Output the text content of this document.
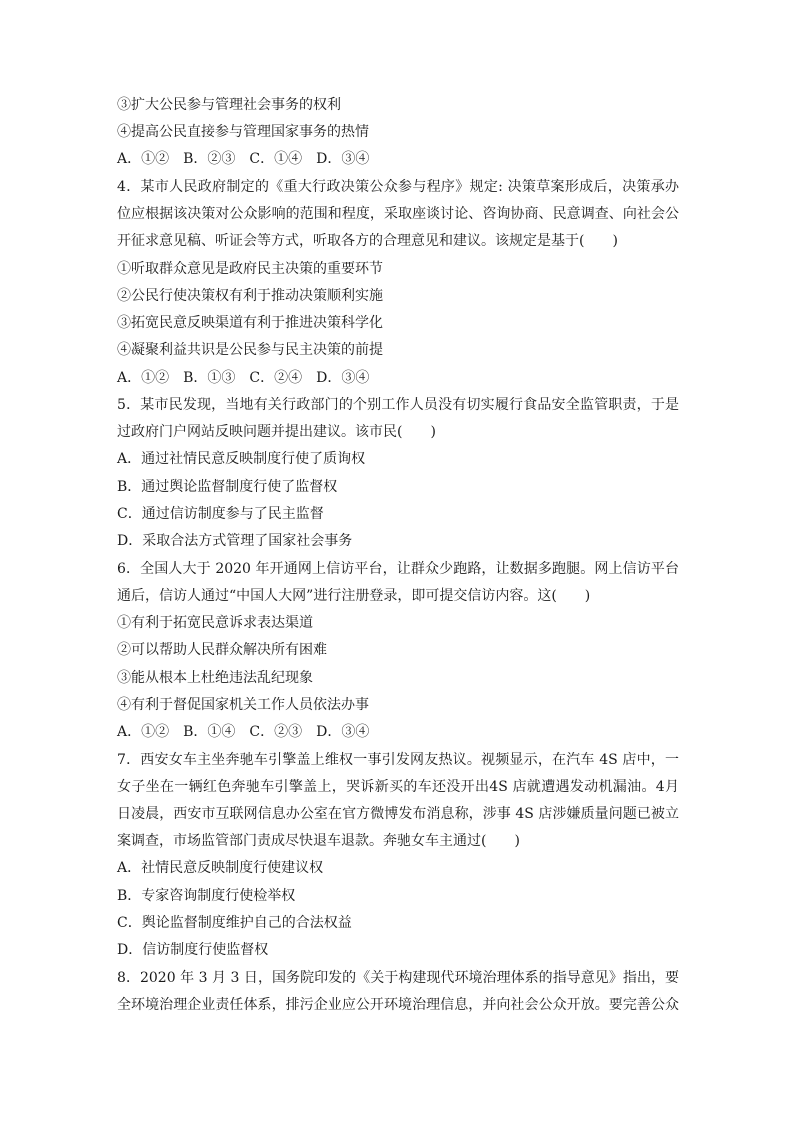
③扩大公民参与管理社会事务的权利
④提高公民直接参与管理国家事务的热情
A．①②　B．②③　C．①④　D．③④
4．某市人民政府制定的《重大行政决策公众参与程序》规定: 决策草案形成后，决策承办
位应根据该决策对公众影响的范围和程度，采取座谈讨论、咨询协商、民意调查、向社会公
开征求意见稿、听证会等方式，听取各方的合理意见和建议。该规定是基于(　　)
①听取群众意见是政府民主决策的重要环节
②公民行使决策权有利于推动决策顺利实施
③拓宽民意反映渠道有利于推进决策科学化
④凝聚利益共识是公民参与民主决策的前提
A．①②　B．①③　C．②④　D．③④
5．某市民发现，当地有关行政部门的个别工作人员没有切实履行食品安全监管职责，于是
过政府门户网站反映问题并提出建议。该市民(　　)
A．通过社情民意反映制度行使了质询权
B．通过舆论监督制度行使了监督权
C．通过信访制度参与了民主监督
D．采取合法方式管理了国家社会事务
6．全国人大于 2020 年开通网上信访平台，让群众少跑路，让数据多跑腿。网上信访平台
通后，信访人通过“中国人大网”进行注册登录，即可提交信访内容。这(　　)
①有利于拓宽民意诉求表达渠道
②可以帮助人民群众解决所有困难
③能从根本上杜绝违法乱纪现象
④有利于督促国家机关工作人员依法办事
A．①②　B．①④　C．②③　D．③④
7．西安女车主坐奔驰车引擎盖上维权一事引发网友热议。视频显示，在汽车 4S 店中，一
女子坐在一辆红色奔驰车引擎盖上，哭诉新买的车还没开出4S 店就遭遇发动机漏油。4月
日凌晨，西安市互联网信息办公室在官方微博发布消息称，涉事 4S 店涉嫌质量问题已被立
案调查，市场监管部门责成尽快退车退款。奔驰女车主通过(　　)
A．社情民意反映制度行使建议权
B．专家咨询制度行使检举权
C．舆论监督制度维护自己的合法权益
D．信访制度行使监督权
8．2020 年 3 月 3 日，国务院印发的《关于构建现代环境治理体系的指导意见》指出，要
全环境治理企业责任体系，排污企业应公开环境治理信息，并向社会公众开放。要完善公众
